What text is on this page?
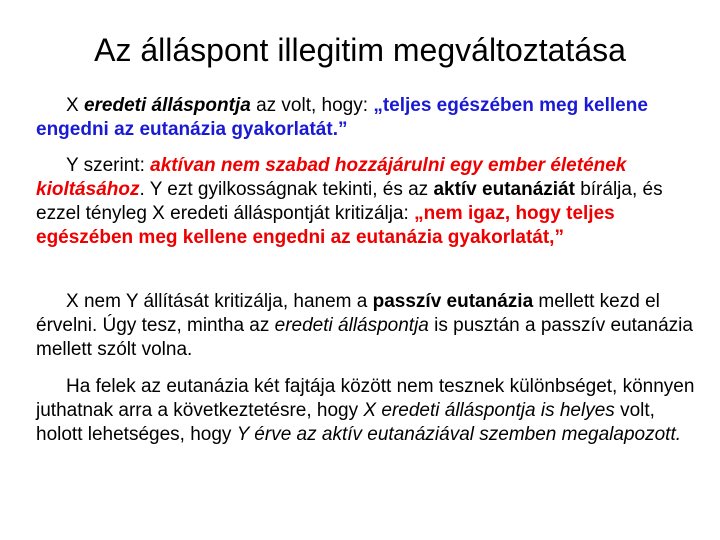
Az álláspont illegitim megváltoztatása

X eredeti álláspontja az volt, hogy: „teljes egészében meg kellene engedni az eutanázia gyakorlatát.”

Y szerint: aktívan nem szabad hozzájárulni egy ember életének kioltásához. Y ezt gyilkosságnak tekinti, és az aktív eutanáziát bírálja, és ezzel tényleg X eredeti álláspontját kritizálja: „nem igaz, hogy teljes egészében meg kellene engedni az eutanázia gyakorlatát,”

X nem Y állítását kritizálja, hanem a passzív eutanázia mellett kezd el érvelni. Úgy tesz, mintha az eredeti álláspontja is pusztán a passzív eutanázia mellett szólt volna.

Ha felek az eutanázia két fajtája között nem tesznek különbséget, könnyen juthatnak arra a következtetésre, hogy X eredeti álláspontja is helyes volt, holott lehetséges, hogy Y érve az aktív eutanáziával szemben megalapozott.
